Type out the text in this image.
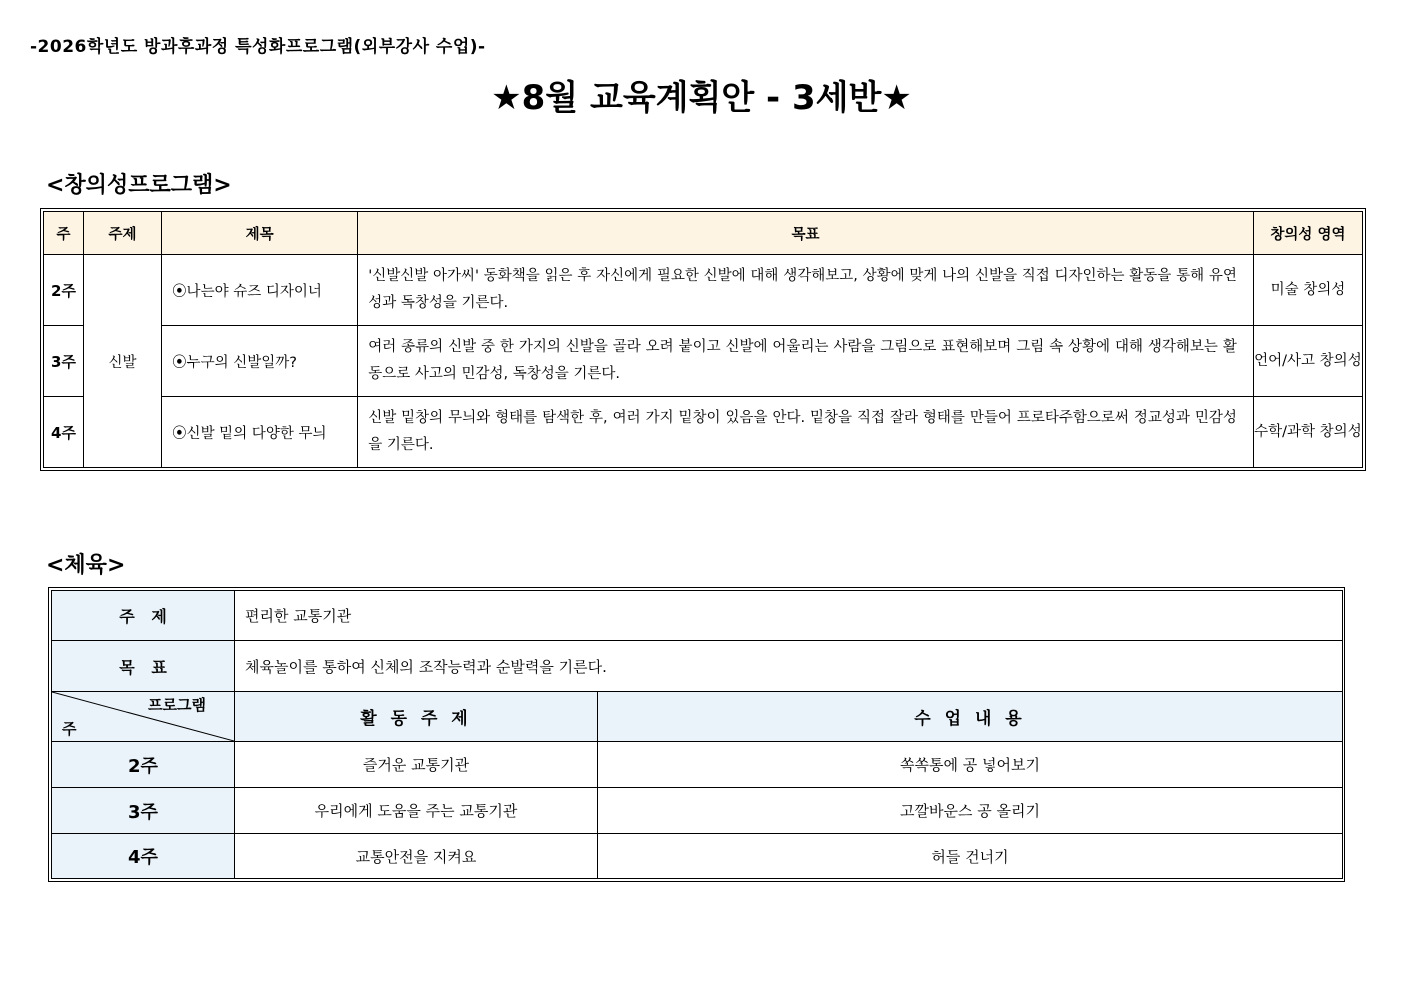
-2026학년도 방과후과정 특성화프로그램(외부강사 수업)-
★8월 교육계획안 - 3세반★
<창의성프로그램>
주	주제	제목	목표	창의성 영역
2주	신발	⦿나는야 슈즈 디자이너	'신발신발 아가씨' 동화책을 읽은 후 자신에게 필요한 신발에 대해 생각해보고, 상황에 맞게 나의 신발을 직접 디자인하는 활동을 통해 유연성과 독창성을 기른다.	미술 창의성
3주		⦿누구의 신발일까?	여러 종류의 신발 중 한 가지의 신발을 골라 오려 붙이고 신발에 어울리는 사람을 그림으로 표현해보며 그림 속 상황에 대해 생각해보는 활동으로 사고의 민감성, 독창성을 기른다.	언어/사고 창의성
4주		⦿신발 밑의 다양한 무늬	신발 밑창의 무늬와 형태를 탐색한 후, 여러 가지 밑창이 있음을 안다. 밑창을 직접 잘라 형태를 만들어 프로타주함으로써 정교성과 민감성을 기른다.	수학/과학 창의성
<체육>
주   제	편리한 교통기관	
목   표	체육놀이를 통하여 신체의 조작능력과 순발력을 기른다.	

프로그램
주	활 동 주 제	수 업 내 용
2주	즐거운 교통기관	쏙쏙통에 공 넣어보기
3주	우리에게 도움을 주는 교통기관	고깔바운스 공 올리기
4주	교통안전을 지켜요	허들 건너기
